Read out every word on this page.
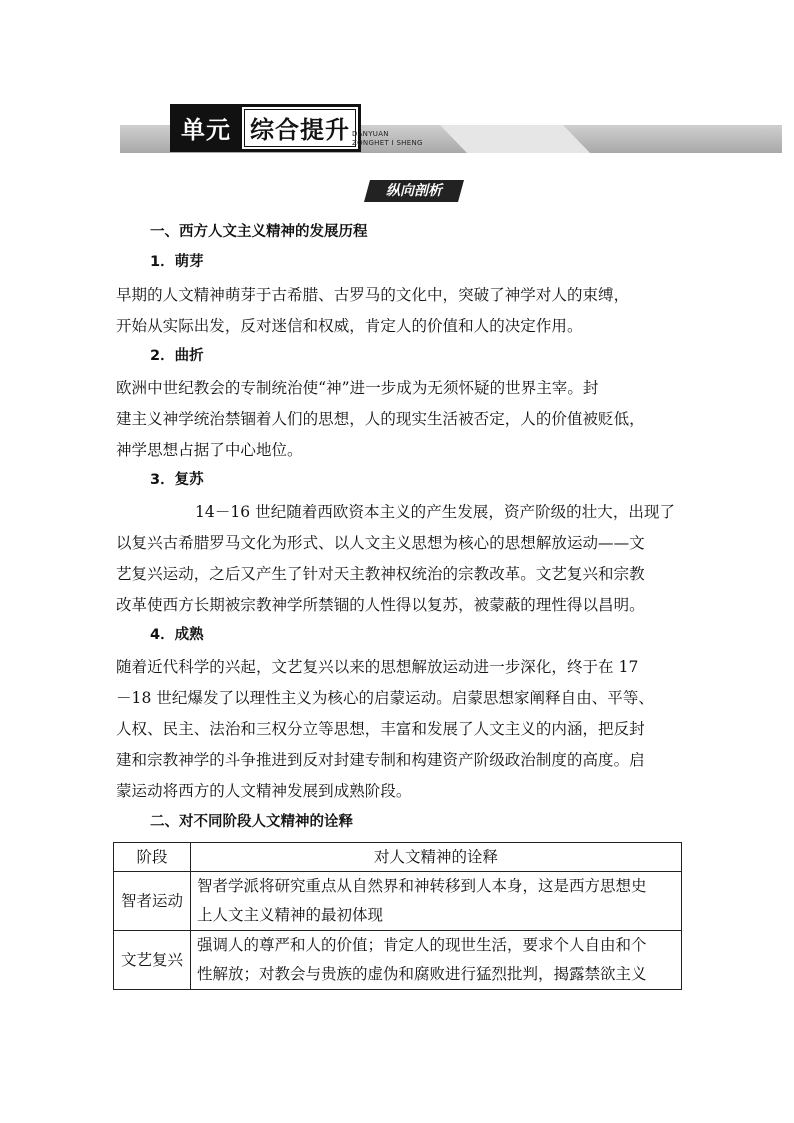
单元 综合提升 DANYUAN
ZONGHET I SHENG
纵向剖析
一、西方人文主义精神的发展历程
1．萌芽
早期的人文精神萌芽于古希腊、古罗马的文化中，突破了神学对人的束缚，
开始从实际出发，反对迷信和权威，肯定人的价值和人的决定作用。
2．曲折
欧洲中世纪教会的专制统治使“神”进一步成为无须怀疑的世界主宰。封
建主义神学统治禁锢着人们的思想，人的现实生活被否定，人的价值被贬低，
神学思想占据了中心地位。
3．复苏
14－16 世纪随着西欧资本主义的产生发展，资产阶级的壮大，出现了
以复兴古希腊罗马文化为形式、以人文主义思想为核心的思想解放运动——文
艺复兴运动，之后又产生了针对天主教神权统治的宗教改革。文艺复兴和宗教
改革使西方长期被宗教神学所禁锢的人性得以复苏，被蒙蔽的理性得以昌明。
4．成熟
随着近代科学的兴起，文艺复兴以来的思想解放运动进一步深化，终于在 17
－18 世纪爆发了以理性主义为核心的启蒙运动。启蒙思想家阐释自由、平等、
人权、民主、法治和三权分立等思想，丰富和发展了人文主义的内涵，把反封
建和宗教神学的斗争推进到反对封建专制和构建资产阶级政治制度的高度。启
蒙运动将西方的人文精神发展到成熟阶段。
二、对不同阶段人文精神的诠释
阶段	对人文精神的诠释
智者运动	智者学派将研究重点从自然界和神转移到人本身，这是西方思想史
上人文主义精神的最初体现

文艺复兴	强调人的尊严和人的价值；肯定人的现世生活，要求个人自由和个
性解放；对教会与贵族的虚伪和腐败进行猛烈批判，揭露禁欲主义
